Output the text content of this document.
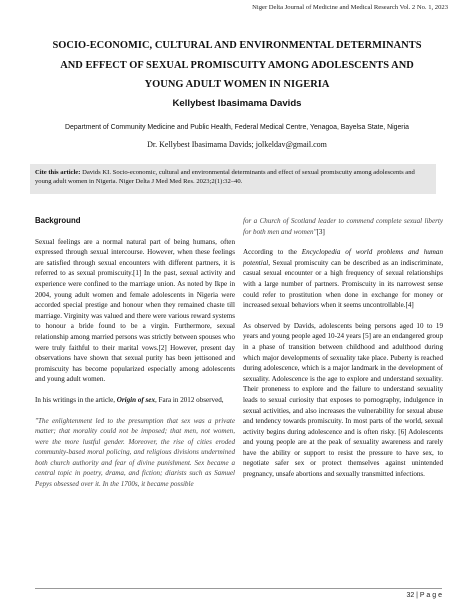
Niger Delta Journal of Medicine and Medical Research Vol. 2 No. 1, 2023
SOCIO-ECONOMIC, CULTURAL AND ENVIRONMENTAL DETERMINANTS
AND EFFECT OF SEXUAL PROMISCUITY AMONG ADOLESCENTS AND
YOUNG ADULT WOMEN IN NIGERIA
Kellybest Ibasimama Davids
Department of Community Medicine and Public Health, Federal Medical Centre, Yenagoa, Bayelsa State, Nigeria
Dr. Kellybest Ibasimama Davids; jolkeldav@gmail.com
Cite this article: Davids KI. Socio-economic, cultural and environmental determinants and effect of sexual promiscuity among adolescents and young adult women in Nigeria. Niger Delta J Med Med Res. 2023;2(1):32–40.
Background

Sexual feelings are a normal natural part of being humans, often expressed through sexual intercourse. However, when these feelings are satisfied through sexual encounters with different partners, it is referred to as sexual promiscuity.[1] In the past, sexual activity and experience were confined to the marriage union. As noted by Ikpe in 2004, young adult women and female adolescents in Nigeria were accorded special prestige and honour when they remained chaste till marriage. Virginity was valued and there were various reward systems to honour a bride found to be a virgin. Furthermore, sexual relationship among married persons was strictly between spouses who were truly faithful to their marital vows.[2] However, present day observations have shown that sexual purity has been jettisoned and promiscuity has become popularized especially among adolescents and young adult women.

In his writings in the article, Origin of sex, Fara in 2012 observed,

"The enlightenment led to the presumption that sex was a private matter; that morality could not be imposed; that men, not women, were the more lustful gender. Moreover, the rise of cities eroded community-based moral policing, and religious divisions undermined both church authority and fear of divine punishment. Sex became a central topic in poetry, drama, and fiction; diarists such as Samuel Pepys obsessed over it. In the 1700s, it became possible

for a Church of Scotland leader to commend complete sexual liberty for both men and women"[3]

According to the Encyclopedia of world problems and human potential, Sexual promiscuity can be described as an indiscriminate, casual sexual encounter or a high frequency of sexual relationships with a large number of partners. Promiscuity in its narrowest sense could refer to prostitution when done in exchange for money or increased sexual behaviors when it seems uncontrollable.[4]

As observed by Davids, adolescents being persons aged 10 to 19 years and young people aged 10-24 years [5] are an endangered group in a phase of transition between childhood and adulthood during which major developments of sexuality take place. Puberty is reached during adolescence, which is a major landmark in the development of sexuality. Adolescence is the age to explore and understand sexuality. Their proneness to explore and the failure to understand sexuality leads to sexual curiosity that exposes to pornography, indulgence in sexual activities, and also increases the vulnerability for sexual abuse and tendency towards promiscuity. In most parts of the world, sexual activity begins during adolescence and is often risky. [6] Adolescents and young people are at the peak of sexuality awareness and rarely have the ability or support to resist the pressure to have sex, to negotiate safer sex or protect themselves against unintended pregnancy, unsafe abortions and sexually transmitted infections.

32 | P a g e
